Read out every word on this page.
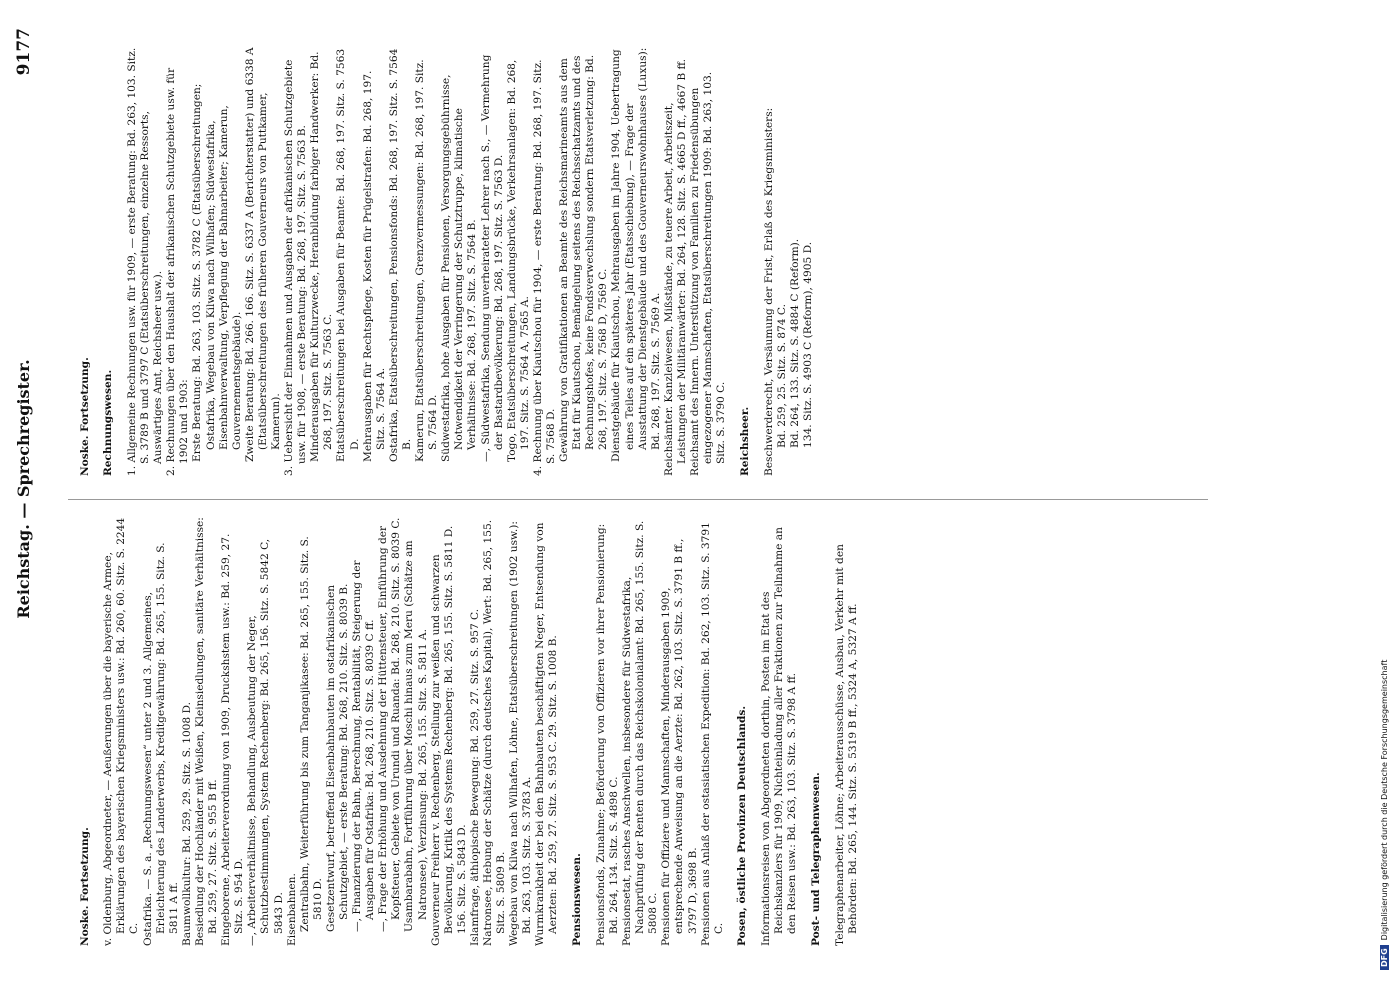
Reichstag. — Sprechregister.
9177

Noske. Fortsetzung. v. Oldenburg, Abgeordneter, — Aeußerungen über die bayerische Armee, Erklärungen des bayerischen Kriegsministers usw.: Bd. 260, 60. Sitz. S. 2244 C. Ostafrika. — S. a. „Rechnungswesen“ unter 2 und 3. Allgemeines, Erleichterung des Landerwerbs, Kreditgewährung: Bd. 265, 155. Sitz. S. 5811 A ff. Baumwollkultur: Bd. 259, 29. Sitz. S. 1008 D. Besiedlung der Hochländer mit Weißen, Kleinsiedlungen, sanitäre Verhältnisse: Bd. 259, 27. Sitz. S. 955 B ff. Eingeborene, Arbeiterverordnung von 1909, Druckshstem usw.: Bd. 259, 27. Sitz. S. 954 D. —, Arbeiterverhältnisse, Behandlung, Ausbeutung der Neger, Schutzbestimmungen, System Rechenberg: Bd. 265, 156. Sitz. S. 5842 C, 5843 D. Eisenbahnen. Zentralbahn, Weiterführung bis zum Tanganjikasee: Bd. 265, 155. Sitz. S. 5810 D. Gesetzentwurf, betreffend Eisenbahnbauten im ostafrikanischen Schutzgebiet, — erste Beratung: Bd. 268, 210. Sitz. S. 8039 B. —, Finanzierung der Bahn, Berechnung, Rentabilität, Steigerung der Ausgaben für Ostafrika: Bd. 268, 210. Sitz. S. 8039 C ff. —, Frage der Erhöhung und Ausdehnung der Hüttensteuer, Einführung der Kopfsteuer, Gebiete von Urundi und Ruanda: Bd. 268, 210. Sitz. S. 8039 C. Usambarabahn, Fortführung über Moschi hinaus zum Meru (Schätze am Natronsee), Verzinsung: Bd. 265, 155. Sitz. S. 5811 A. Gouverneur Freiherr v. Rechenberg, Stellung zur weißen und schwarzen Bevölkerung, Kritik des Systems Rechenberg: Bd. 265, 155. Sitz. S. 5811 D. 156. Sitz. S. 5843 D. Islamfrage, äthiopische Bewegung: Bd. 259, 27. Sitz. S. 957 C. Natronsee, Hebung der Schätze (durch deutsches Kapital), Wert: Bd. 265, 155. Sitz. S. 5809 B. Wegebau von Kilwa nach Wilhafen, Löhne, Etatsüberschreitungen (1902 usw.): Bd. 263, 103. Sitz. S. 3783 A. Wurmkrankheit der bei den Bahnbauten beschäftigten Neger, Entsendung von Aerzten: Bd. 259, 27. Sitz. S. 953 C. 29. Sitz. S. 1008 B. Pensionswesen. Pensionsfonds, Zunahme; Beförderung von Offizieren vor ihrer Pensionierung: Bd. 264, 134. Sitz. S. 4898 C. Pensionsetat, rasches Anschwellen, insbesondere für Südwestafrika, Nachprüfung der Renten durch das Reichskolonialamt: Bd. 265, 155. Sitz. S. 5808 C. Pensionen für Offiziere und Mannschaften, Minderausgaben 1909, entsprechende Anweisung an die Aerzte: Bd. 262, 103. Sitz. S. 3791 B ff., 3797 D, 3698 B. Pensionen aus Anlaß der ostasiatischen Expedition: Bd. 262, 103. Sitz. S. 3791 C. Posen, östliche Provinzen Deutschlands. Informationsreisen von Abgeordneten dorthin, Posten im Etat des Reichskanzlers für 1909, Nichteinladung aller Fraktionen zur Teilnahme an den Reisen usw.: Bd. 263, 103. Sitz. S. 3798 A ff. Post- und Telegraphenwesen. Telegraphenarbeiter, Löhne; Arbeiterausschüsse, Ausbau, Verkehr mit den Behörden: Bd. 265, 144. Sitz. S. 5319 B ff., 5324 A, 5327 A ff.

Noske. Fortsetzung. Rechnungswesen. 1. Allgemeine Rechnungen usw. für 1909, — erste Beratung: Bd. 263, 103. Sitz. S. 3789 B und 3797 C (Etatsüberschreitungen, einzelne Ressorts, Auswärtiges Amt, Reichsheer usw.). 2. Rechnungen über den Haushalt der afrikanischen Schutzgebiete usw. für 1902 und 1903: Erste Beratung: Bd. 263, 103. Sitz. S. 3782 C (Etatsüberschreitungen; Ostafrika, Wegebau von Kilwa nach Wilhafen; Südwestafrika, Eisenbahnverwaltung, Verpflegung der Bahnarbeiter; Kamerun, Gouvernementsgebäude). Zweite Beratung: Bd. 266. 166. Sitz. S. 6337 A (Berichterstatter) und 6338 A (Etatsüberschreitungen des früheren Gouverneurs von Puttkamer, Kamerun). 3. Uebersicht der Einnahmen und Ausgaben der afrikanischen Schutzgebiete usw. für 1908, — erste Beratung: Bd. 268, 197. Sitz. S. 7563 B. Minderausgaben für Kulturzwecke, Heranbildung farbiger Handwerker: Bd. 268, 197. Sitz. S. 7563 C. Etatsüberschreitungen bei Ausgaben für Beamte: Bd. 268, 197. Sitz. S. 7563 D. Mehrausgaben für Rechtspflege, Kosten für Prügelstrafen: Bd. 268, 197. Sitz. S. 7564 A. Ostafrika, Etatsüberschreitungen, Pensionsfonds: Bd. 268, 197. Sitz. S. 7564 B. Kamerun, Etatsüberschreitungen, Grenzvermessungen: Bd. 268, 197. Sitz. S. 7564 D. Südwestafrika, hohe Ausgaben für Pensionen, Versorgungsgebührnisse, Notwendigkeit der Verringerung der Schutztruppe, klimatische Verhältnisse: Bd. 268, 197. Sitz. S. 7564 B. —, Südwestafrika, Sendung unverheirateter Lehrer nach S., — Vermehrung der Bastardbevölkerung: Bd. 268, 197. Sitz. S. 7563 D. Togo, Etatsüberschreitungen, Landungsbrücke, Verkehrsanlagen: Bd. 268, 197. Sitz. S. 7564 A, 7565 A. 4. Rechnung über Kiautschou für 1904, — erste Beratung: Bd. 268, 197. Sitz. S. 7568 D. Gewährung von Gratifikationen an Beamte des Reichsmarineamts aus dem Etat für Kiautschou, Bemängelung seitens des Reichsschatzamts und des Rechnungshofes, keine Fondsverwechslung sondern Etatsverletzung: Bd. 268, 197. Sitz. S. 7568 D, 7569 C. Dienstgebäude für Kiautschou, Mehrausgaben im Jahre 1904, Uebertragung eines Teiles auf ein späteres Jahr (Etatsschiebung), — Frage der Ausstattung der Dienstgebäude und des Gouverneurswohnhauses (Luxus): Bd. 268, 197. Sitz. S. 7569 A. Reichsämter. Kanzleiwesen, Mißstände, zu teuere Arbeit, Arbeitszeit, Leistungen der Militäranwärter: Bd. 264, 128. Sitz. S. 4665 D ff., 4667 B ff. Reichsamt des Innern. Unterstützung von Familien zu Friedensübungen eingezogener Mannschaften, Etatsüberschreitungen 1909: Bd. 263, 103. Sitz. S. 3790 C. Reichsheer. Beschwerderecht, Versäumung der Frist, Erlaß des Kriegsministers: Bd. 259, 25. Sitz. S. 874 C. Bd. 264, 133. Sitz. S. 4884 C (Reform). 134. Sitz. S. 4903 C (Reform), 4905 D.

DFGDigitalisierung gefördert durch die Deutsche Forschungsgemeinschaft
